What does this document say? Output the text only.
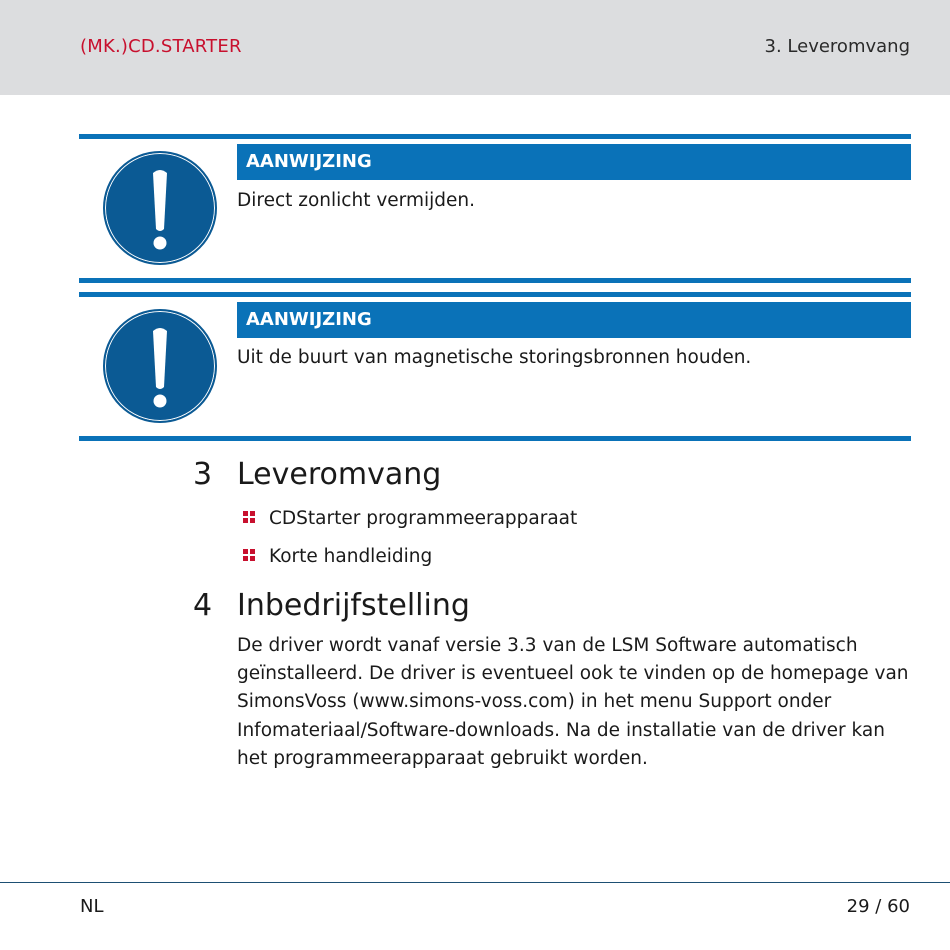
(MK.)CD.STARTER	3. Leveromvang
AANWIJZING
Direct zonlicht vermijden.
AANWIJZING
Uit de buurt van magnetische storingsbronnen houden.
3 Leveromvang
CDStarter programmeerapparaat
Korte handleiding
4 Inbedrijfstelling
De driver wordt vanaf versie 3.3 van de LSM Software automatisch geïnstalleerd. De driver is eventueel ook te vinden op de homepage van SimonsVoss (www.simons-voss.com) in het menu Support onder Infomateriaal/Software-downloads. Na de installatie van de driver kan het programmeerapparaat gebruikt worden.
NL	29 / 60
